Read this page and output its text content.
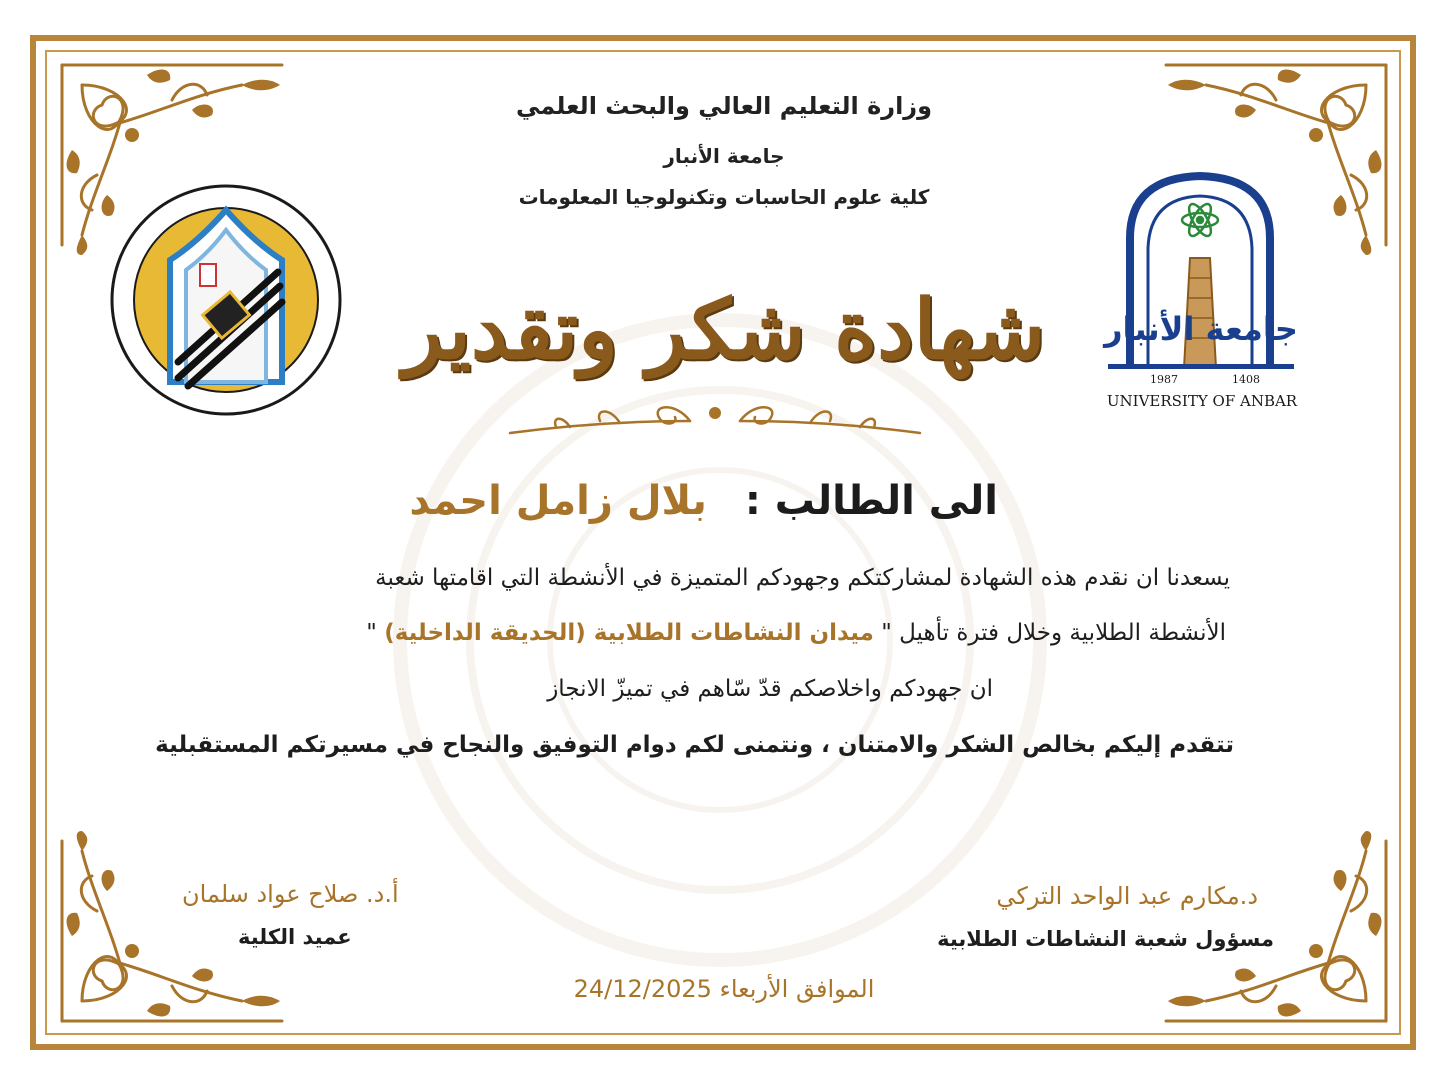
وزارة التعليم العالي والبحث العلمي
جامعة الأنبار
كلية علوم الحاسبات وتكنولوجيا المعلومات
شهادة شكر وتقدير	جامعة الأنبار
1987	1408
UNIVERSITY OF ANBAR
الى الطالب : بلال زامل احمد
يسعدنا ان نقدم هذه الشهادة لمشاركتكم وجهودكم المتميزة في الأنشطة التي اقامتها شعبة
الأنشطة الطلابية وخلال فترة تأهيل " ميدان النشاطات الطلابية (الحديقة الداخلية) "
ان جهودكم واخلاصكم قدّ سّاهم في تميزّ الانجاز
تتقدم إليكم بخالص الشكر والامتنان ، ونتمنى لكم دوام التوفيق والنجاح في مسيرتكم المستقبلية
أ.د. صلاح عواد سلمان
عميد الكلية
د.مكارم عبد الواحد التركي
مسؤول شعبة النشاطات الطلابية
الموافق الأربعاء 24/12/2025
